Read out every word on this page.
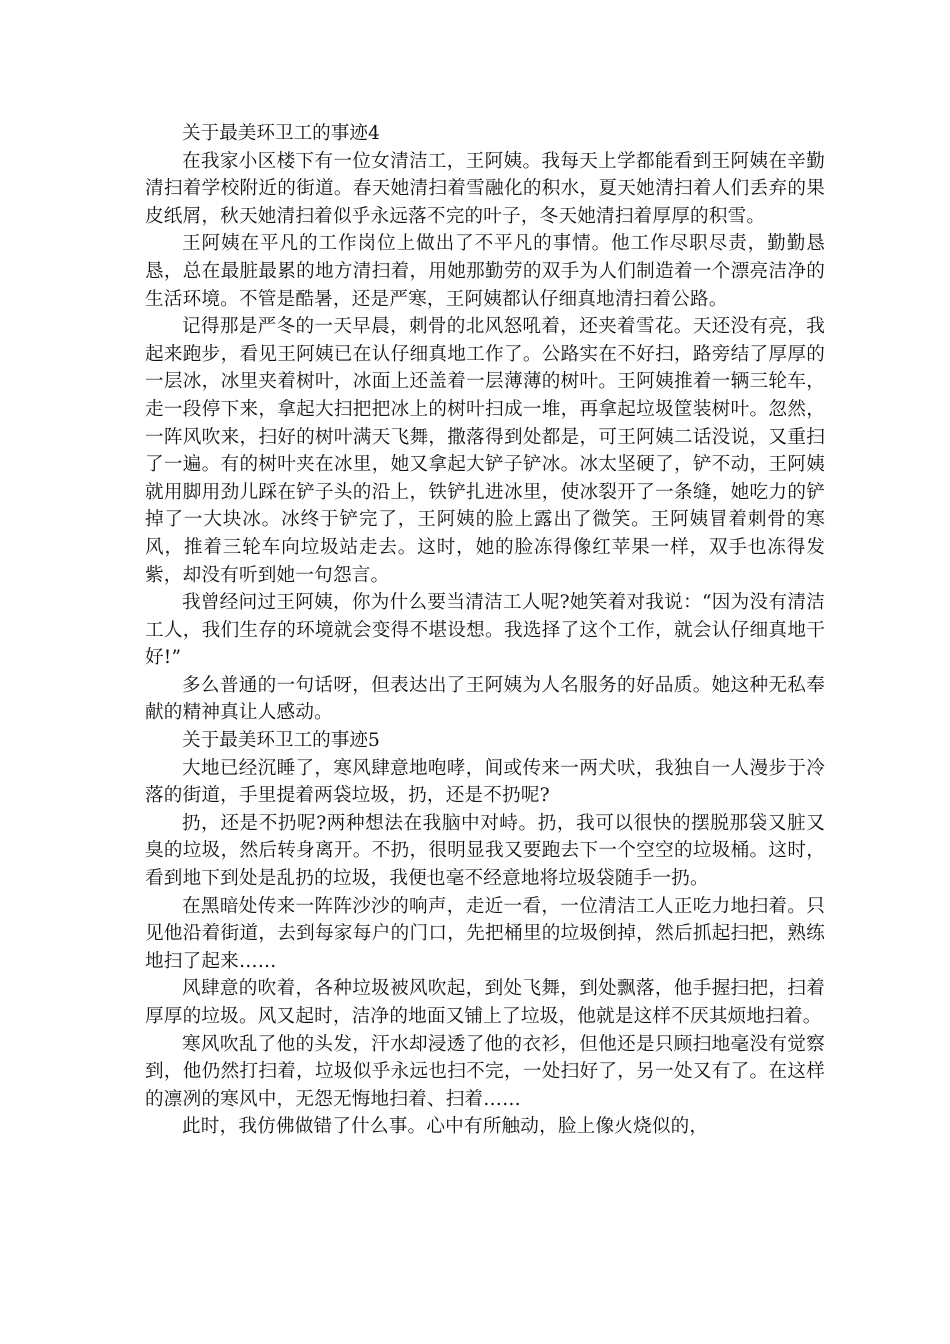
关于最美环卫工的事迹4

在我家小区楼下有一位女清洁工，王阿姨。我每天上学都能看到王阿姨在辛勤清扫着学校附近的街道。春天她清扫着雪融化的积水，夏天她清扫着人们丢弃的果皮纸屑，秋天她清扫着似乎永远落不完的叶子，冬天她清扫着厚厚的积雪。

王阿姨在平凡的工作岗位上做出了不平凡的事情。他工作尽职尽责，勤勤恳恳，总在最脏最累的地方清扫着，用她那勤劳的双手为人们制造着一个漂亮洁净的生活环境。不管是酷暑，还是严寒，王阿姨都认仔细真地清扫着公路。

记得那是严冬的一天早晨，刺骨的北风怒吼着，还夹着雪花。天还没有亮，我起来跑步，看见王阿姨已在认仔细真地工作了。公路实在不好扫，路旁结了厚厚的一层冰，冰里夹着树叶，冰面上还盖着一层薄薄的树叶。王阿姨推着一辆三轮车，走一段停下来，拿起大扫把把冰上的树叶扫成一堆，再拿起垃圾筐装树叶。忽然，一阵风吹来，扫好的树叶满天飞舞，撒落得到处都是，可王阿姨二话没说，又重扫了一遍。有的树叶夹在冰里，她又拿起大铲子铲冰。冰太坚硬了，铲不动，王阿姨就用脚用劲儿踩在铲子头的沿上，铁铲扎进冰里，使冰裂开了一条缝，她吃力的铲掉了一大块冰。冰终于铲完了，王阿姨的脸上露出了微笑。王阿姨冒着刺骨的寒风，推着三轮车向垃圾站走去。这时，她的脸冻得像红苹果一样，双手也冻得发紫，却没有听到她一句怨言。

我曾经问过王阿姨，你为什么要当清洁工人呢?她笑着对我说：“因为没有清洁工人，我们生存的环境就会变得不堪设想。我选择了这个工作，就会认仔细真地干好!”

多么普通的一句话呀，但表达出了王阿姨为人名服务的好品质。她这种无私奉献的精神真让人感动。

关于最美环卫工的事迹5

大地已经沉睡了，寒风肆意地咆哮，间或传来一两犬吠，我独自一人漫步于冷落的街道，手里提着两袋垃圾，扔，还是不扔呢?

扔，还是不扔呢?两种想法在我脑中对峙。扔，我可以很快的摆脱那袋又脏又臭的垃圾，然后转身离开。不扔，很明显我又要跑去下一个空空的垃圾桶。这时，看到地下到处是乱扔的垃圾，我便也毫不经意地将垃圾袋随手一扔。

在黑暗处传来一阵阵沙沙的响声，走近一看，一位清洁工人正吃力地扫着。只见他沿着街道，去到每家每户的门口，先把桶里的垃圾倒掉，然后抓起扫把，熟练地扫了起来……

风肆意的吹着，各种垃圾被风吹起，到处飞舞，到处飘落，他手握扫把，扫着厚厚的垃圾。风又起时，洁净的地面又铺上了垃圾，他就是这样不厌其烦地扫着。

寒风吹乱了他的头发，汗水却浸透了他的衣衫，但他还是只顾扫地毫没有觉察到，他仍然打扫着，垃圾似乎永远也扫不完，一处扫好了，另一处又有了。在这样的凛冽的寒风中，无怨无悔地扫着、扫着……

此时，我仿佛做错了什么事。心中有所触动，脸上像火烧似的，
